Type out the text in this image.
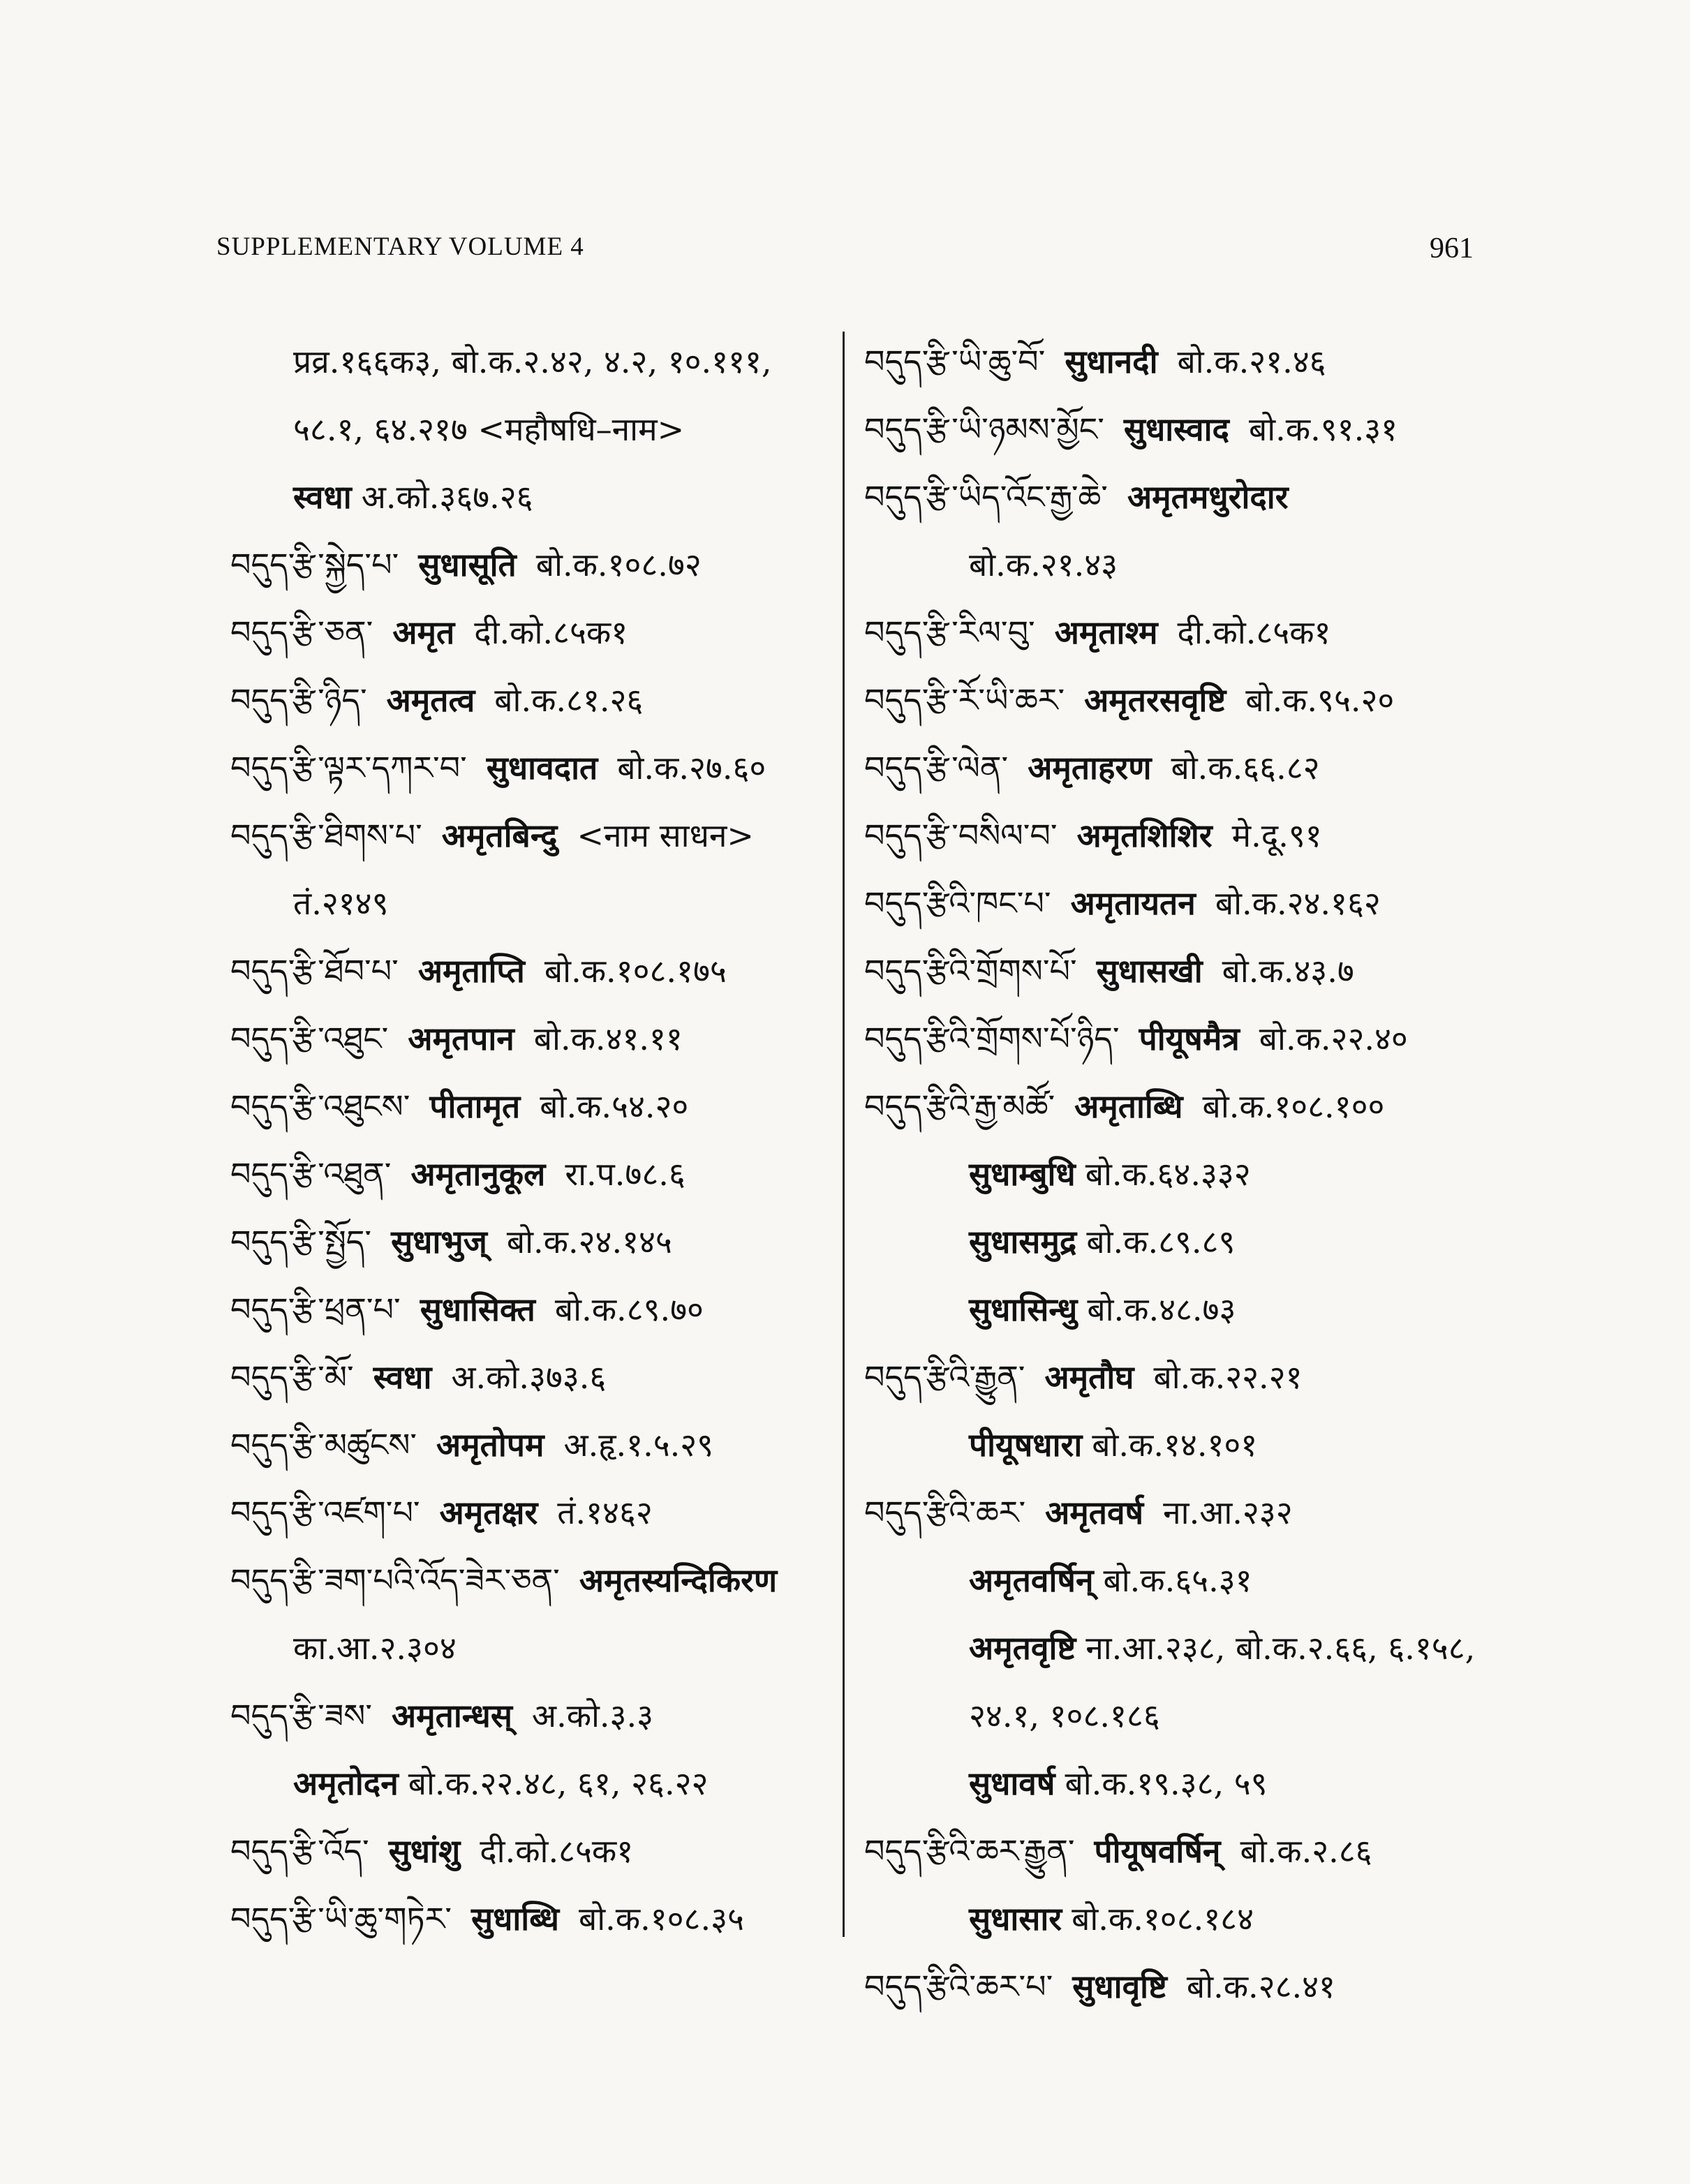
SUPPLEMENTARY VOLUME 4	961
प्रव्र.१६६क३, बो.क.२.४२, ४.२, १०.१११,
५८.१, ६४.२१७ <महौषधि–नाम>
स्वधा अ.को.३६७.२६
བདུད་རྩི་སྐྱེད་པ་ सुधासूति बो.क.१०८.७२
བདུད་རྩི་ཅན་ अमृत दी.को.८५क१
བདུད་རྩི་ཉིད་ अमृतत्व बो.क.८१.२६
བདུད་རྩི་ལྟར་དཀར་བ་ सुधावदात बो.क.२७.६०
བདུད་རྩི་ཐིགས་པ་ अमृतबिन्दु <नाम साधन>
तं.२१४९
བདུད་རྩི་ཐོབ་པ་ अमृताप्ति बो.क.१०८.१७५
བདུད་རྩི་འཐུང་ अमृतपान बो.क.४१.११
བདུད་རྩི་འཐུངས་ पीतामृत बो.क.५४.२०
བདུད་རྩི་འཐུན་ अमृतानुकूल रा.प.७८.६
བདུད་རྩི་སྤྱོད་ सुधाभुज् बो.क.२४.१४५
བདུད་རྩི་ཕྲན་པ་ सुधासिक्त बो.क.८९.७०
བདུད་རྩི་མོ་ स्वधा अ.को.३७३.६
བདུད་རྩི་མཚུངས་ अमृतोपम अ.हृ.१.५.२९
བདུད་རྩི་འཛག་པ་ अमृतक्षर तं.१४६२
བདུད་རྩི་ཟག་པའི་འོད་ཟེར་ཅན་ अमृतस्यन्दिकिरण
का.आ.२.३०४
བདུད་རྩི་ཟས་ अमृतान्धस् अ.को.३.३
अमृतोदन बो.क.२२.४८, ६१, २६.२२
བདུད་རྩི་འོད་ सुधांशु दी.को.८५क१
བདུད་རྩི་ཡི་ཆུ་གཏེར་ सुधाब्धि बो.क.१०८.३५
བདུད་རྩི་ཡི་ཆུ་བོ་ सुधानदी बो.क.२१.४६
བདུད་རྩི་ཡི་ཉམས་མྱོང་ सुधास्वाद बो.क.९१.३१
བདུད་རྩི་ཡིད་འོང་རྒྱ་ཆེ་ अमृतमधुरोदार
बो.क.२१.४३
བདུད་རྩི་རིལ་བུ་ अमृताश्म दी.को.८५क१
བདུད་རྩི་རོ་ཡི་ཆར་ अमृतरसवृष्टि बो.क.९५.२०
བདུད་རྩི་ལེན་ अमृताहरण बो.क.६६.८२
བདུད་རྩི་བསིལ་བ་ अमृतशिशिर मे.दू.९१
བདུད་རྩིའི་ཁང་པ་ अमृतायतन बो.क.२४.१६२
བདུད་རྩིའི་གྲོགས་པོ་ सुधासखी बो.क.४३.७
བདུད་རྩིའི་གྲོགས་པོ་ཉིད་ पीयूषमैत्र बो.क.२२.४०
བདུད་རྩིའི་རྒྱ་མཚོ་ अमृताब्धि बो.क.१०८.१००
सुधाम्बुधि बो.क.६४.३३२
सुधासमुद्र बो.क.८९.८९
सुधासिन्धु बो.क.४८.७३
བདུད་རྩིའི་རྒྱུན་ अमृतौघ बो.क.२२.२१
पीयूषधारा बो.क.१४.१०१
བདུད་རྩིའི་ཆར་ अमृतवर्ष ना.आ.२३२
अमृतवर्षिन् बो.क.६५.३१
अमृतवृष्टि ना.आ.२३८, बो.क.२.६६, ६.१५८,
२४.१, १०८.१८६
सुधावर्ष बो.क.१९.३८, ५९
བདུད་རྩིའི་ཆར་རྒྱུན་ पीयूषवर्षिन् बो.क.२.८६
सुधासार बो.क.१०८.१८४
བདུད་རྩིའི་ཆར་པ་ सुधावृष्टि बो.क.२८.४१
